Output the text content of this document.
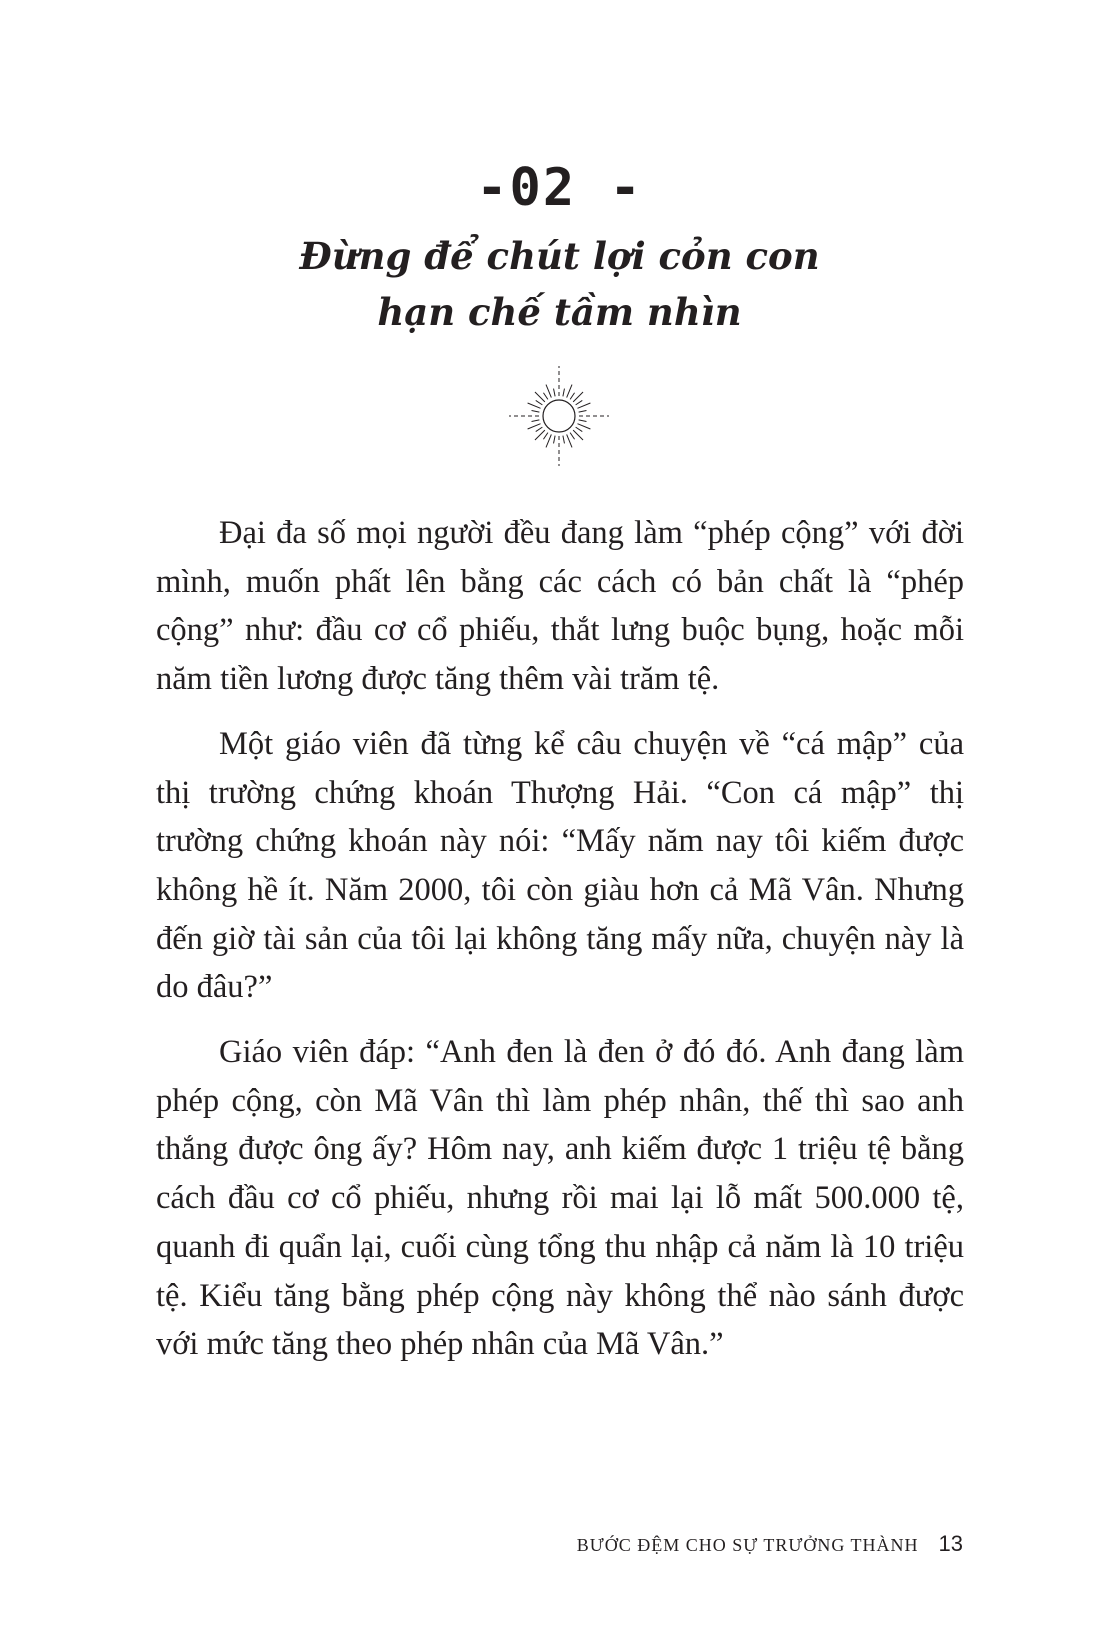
-02 -
Đừng để chút lợi cỏn con
hạn chế tầm nhìn

Đại đa số mọi người đều đang làm “phép cộng” với đời mình, muốn phất lên bằng các cách có bản chất là “phép cộng” như: đầu cơ cổ phiếu, thắt lưng buộc bụng, hoặc mỗi năm tiền lương được tăng thêm vài trăm tệ.

Một giáo viên đã từng kể câu chuyện về “cá mập” của thị trường chứng khoán Thượng Hải. “Con cá mập” thị trường chứng khoán này nói: “Mấy năm nay tôi kiếm được không hề ít. Năm 2000, tôi còn giàu hơn cả Mã Vân. Nhưng đến giờ tài sản của tôi lại không tăng mấy nữa, chuyện này là do đâu?”

Giáo viên đáp: “Anh đen là đen ở đó đó. Anh đang làm phép cộng, còn Mã Vân thì làm phép nhân, thế thì sao anh thắng được ông ấy? Hôm nay, anh kiếm được 1 triệu tệ bằng cách đầu cơ cổ phiếu, nhưng rồi mai lại lỗ mất 500.000 tệ, quanh đi quẩn lại, cuối cùng tổng thu nhập cả năm là 10 triệu tệ. Kiểu tăng bằng phép cộng này không thể nào sánh được với mức tăng theo phép nhân của Mã Vân.”

BƯỚC ĐỆM CHO SỰ TRƯỞNG THÀNH 13
